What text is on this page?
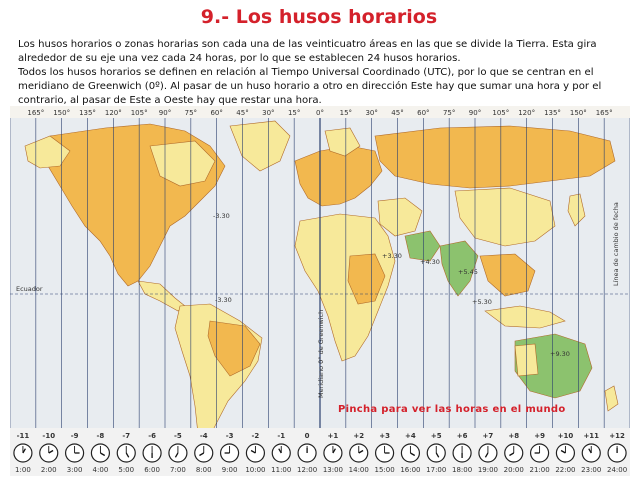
9.- Los husos horarios

Los husos horarios o zonas horarias son cada una de las veinticuatro áreas en las que se divide la Tierra. Esta gira alrededor de su eje una vez cada 24 horas, por lo que se establecen 24 husos horarios.

Todos los husos horarios se definen en relación al Tiempo Universal Coordinado (UTC), por lo que se centran en el meridiano de Greenwich (0º). Al pasar de un huso horario a otro en dirección Este hay que sumar una hora y por el contrario, al pasar de Este a Oeste hay que restar una hora.

165° 150° 135° 120° 105° 90° 75° 60° 45° 30° 15° 0° 15° 30° 45° 60° 75° 90° 105° 120° 135° 150° 165°
Ecuador
Meridiano 0° de Greenwich
Línea de cambio de fecha
-3.30
-3.30
+3.30
+4.30
+5.30
+9.30
+5.45
-11
1:00
-10
2:00
-9
3:00
-8
4:00
-7
5:00
-6
6:00
-5
7:00
-4
8:00
-3
9:00
-2
10:00
-1
11:00
0
12:00
+1
13:00
+2
14:00
+3
15:00
+4
16:00
+5
17:00
+6
18:00
+7
19:00
+8
20:00
+9
21:00
+10
22:00
+11
23:00
+12
24:00
Pincha para ver las horas en el mundo
